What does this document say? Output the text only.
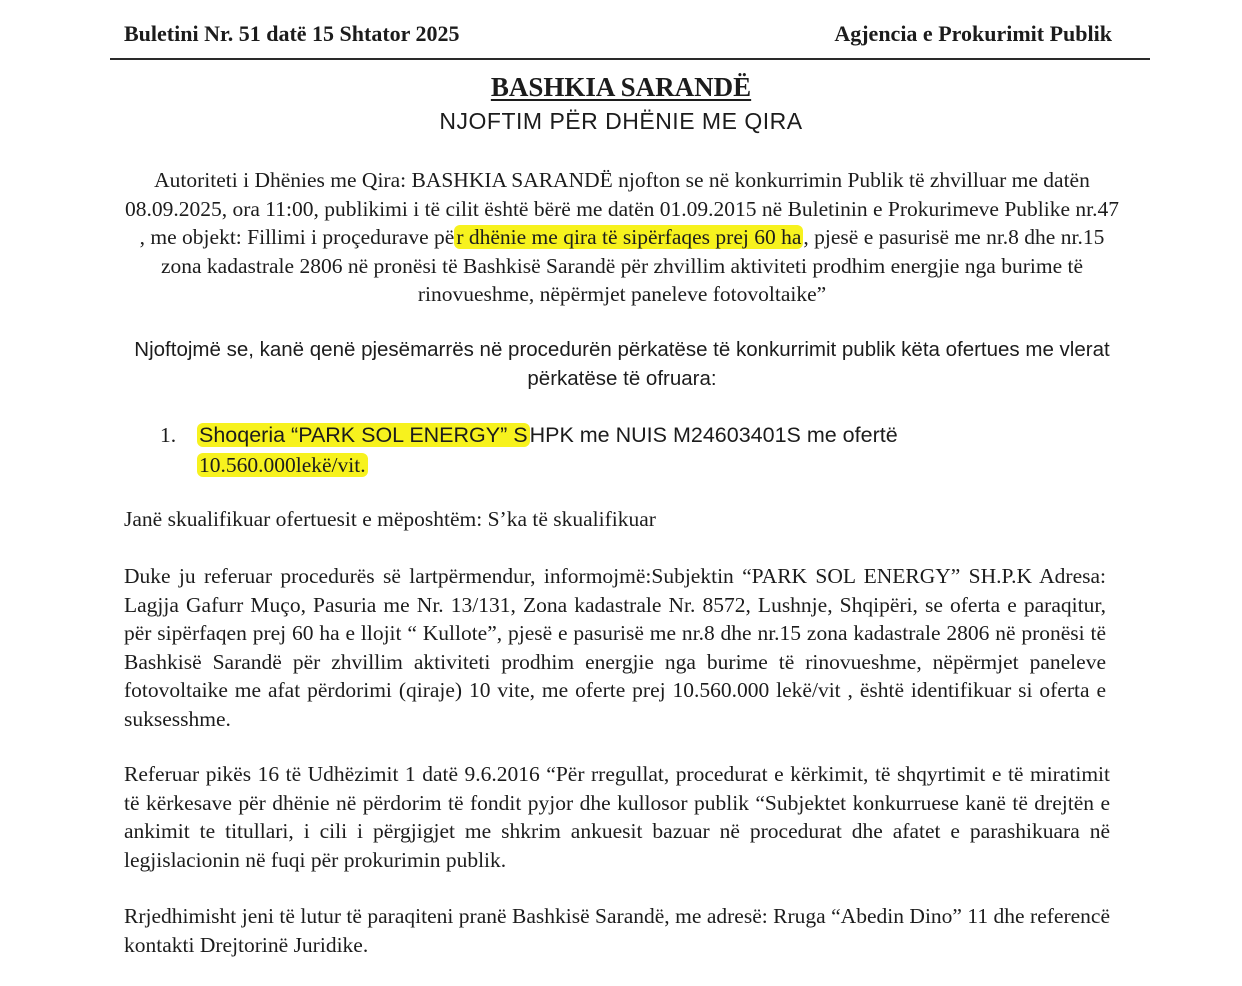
Buletini Nr. 51 datë 15 Shtator 2025	Agjencia e Prokurimit Publik
BASHKIA SARANDË
NJOFTIM PËR DHËNIE ME QIRA
Autoriteti i Dhënies me Qira: BASHKIA SARANDË njofton se në konkurrimin Publik të zhvilluar me datën 08.09.2025, ora 11:00, publikimi i të cilit është bërë me datën 01.09.2015 në Buletinin e Prokurimeve Publike nr.47 , me objekt: Fillimi i proçedurave për dhënie me qira të sipërfaqes prej 60 ha, pjesë e pasurisë me nr.8 dhe nr.15 zona kadastrale 2806 në pronësi të Bashkisë Sarandë për zhvillim aktiviteti prodhim energjie nga burime të rinovueshme, nëpërmjet paneleve fotovoltaike”
Njoftojmë se, kanë qenë pjesëmarrës në procedurën përkatëse të konkurrimit publik këta ofertues me vlerat përkatëse të ofruara:
1. Shoqeria “PARK SOL ENERGY” SHPK me NUIS M24603401S me ofertë
10.560.000lekë/vit.
Janë skualifikuar ofertuesit e mëposhtëm: S’ka të skualifikuar
Duke ju referuar procedurës së lartpërmendur, informojmë:Subjektin “PARK SOL ENERGY” SH.P.K Adresa: Lagjja Gafurr Muço, Pasuria me Nr. 13/131, Zona kadastrale Nr. 8572, Lushnje, Shqipëri, se oferta e paraqitur, për sipërfaqen prej 60 ha e llojit “ Kullote”, pjesë e pasurisë me nr.8 dhe nr.15 zona kadastrale 2806 në pronësi të Bashkisë Sarandë për zhvillim aktiviteti prodhim energjie nga burime të rinovueshme, nëpërmjet paneleve fotovoltaike me afat përdorimi (qiraje) 10 vite, me oferte prej 10.560.000 lekë/vit , është identifikuar si oferta e suksesshme.
Referuar pikës 16 të Udhëzimit 1 datë 9.6.2016 “Për rregullat, procedurat e kërkimit, të shqyrtimit e të miratimit të kërkesave për dhënie në përdorim të fondit pyjor dhe kullosor publik “Subjektet konkurruese kanë të drejtën e ankimit te titullari, i cili i përgjigjet me shkrim ankuesit bazuar në procedurat dhe afatet e parashikuara në legjislacionin në fuqi për prokurimin publik.
Rrjedhimisht jeni të lutur të paraqiteni pranë Bashkisë Sarandë, me adresë: Rruga “Abedin Dino” 11 dhe referencë kontakti Drejtorinë Juridike.
